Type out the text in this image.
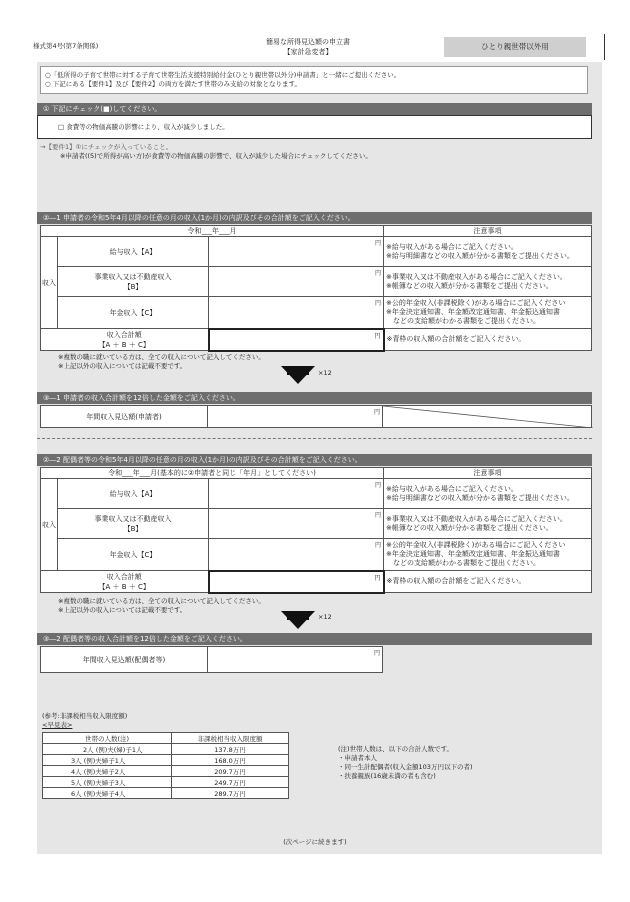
様式第4号(第7条関係)	簡易な所得見込額の申立書
【家計急変者】
ひとり親世帯以外用
○「低所得の子育て世帯に対する子育て世帯生活支援特別給付金(ひとり親世帯以外分)申請書」と一緒にご提出ください。
○ 下記にある【要件1】及び【要件2】の両方を満たす世帯のみ支給の対象となります。
① 下記にチェック(■)してください。
□ 食費等の物価高騰の影響により、収入が減少しました。
→【要件1】①にチェックが入っていること。
※申請者((5)で所得が高い方)が食費等の物価高騰の影響で、収入が減少した場合にチェックしてください。
②―1 申請者の令和5年4月以降の任意の月の収入(1か月)の内訳及びその合計額をご記入ください。
令和___年___月			注意事項
収入	給与収入【A】	円	※給与収入がある場合にご記入ください。
※給与明細書などの収入額が分かる書類をご提出ください。
	事業収入又は不動産収入
【B】	円	※事業収入又は不動産収入がある場合にご記入ください。
※帳簿などの収入額が分かる書類をご提出ください。
	年金収入【C】	円	※公的年金収入(非課税除く)がある場合にご記入ください
※年金決定通知書、年金額改定通知書、年金振込通知書
　などの支給額がわかる書類をご提出ください。
収入合計額
【A ＋ B ＋ C】		円	※青枠の収入額の合計額をご記入ください。
※複数の職に就いている方は、全ての収入について記入してください。
※上記以外の収入については記載不要です。
×12
③―1 申請者の収入合計額を12倍した金額をご記入ください。
年間収入見込額(申請者)	円

②―2 配偶者等の令和5年4月以降の任意の月の収入(1か月)の内訳及びその合計額をご記入ください。
令和___年___月(基本的に②申請者と同じ「年月」としてください)			注意事項
収入	給与収入【A】	円	※給与収入がある場合にご記入ください。
※給与明細書などの収入額が分かる書類をご提出ください。
	事業収入又は不動産収入
【B】	円	※事業収入又は不動産収入がある場合にご記入ください。
※帳簿などの収入額が分かる書類をご提出ください。
	年金収入【C】	円	※公的年金収入(非課税除く)がある場合にご記入ください
※年金決定通知書、年金額改定通知書、年金振込通知書
　などの支給額がわかる書類をご提出ください。
収入合計額
【A ＋ B ＋ C】		円	※青枠の収入額の合計額をご記入ください。
※複数の職に就いている方は、全ての収入について記入してください。
※上記以外の収入については記載不要です。
×12
③―2 配偶者等の収入合計額を12倍した金額をご記入ください。
年間収入見込額(配偶者等)	
円

(参考:非課税相当収入限度額)
<早見表>
世帯の人数(注)	非課税相当収入限度額
2人 (例)夫(婦)子1人	137.8万円
3人 (例)夫婦子1人	168.0万円
4人 (例)夫婦子2人	209.7万円
5人 (例)夫婦子3人	249.7万円
6人 (例)夫婦子4人	289.7万円
(注)世帯人数は、以下の合計人数です。
・申請者本人
・同一生計配偶者(収入金額103万円以下の者)
・扶養親族(16歳未満の者も含む)
(次ページに続きます)
